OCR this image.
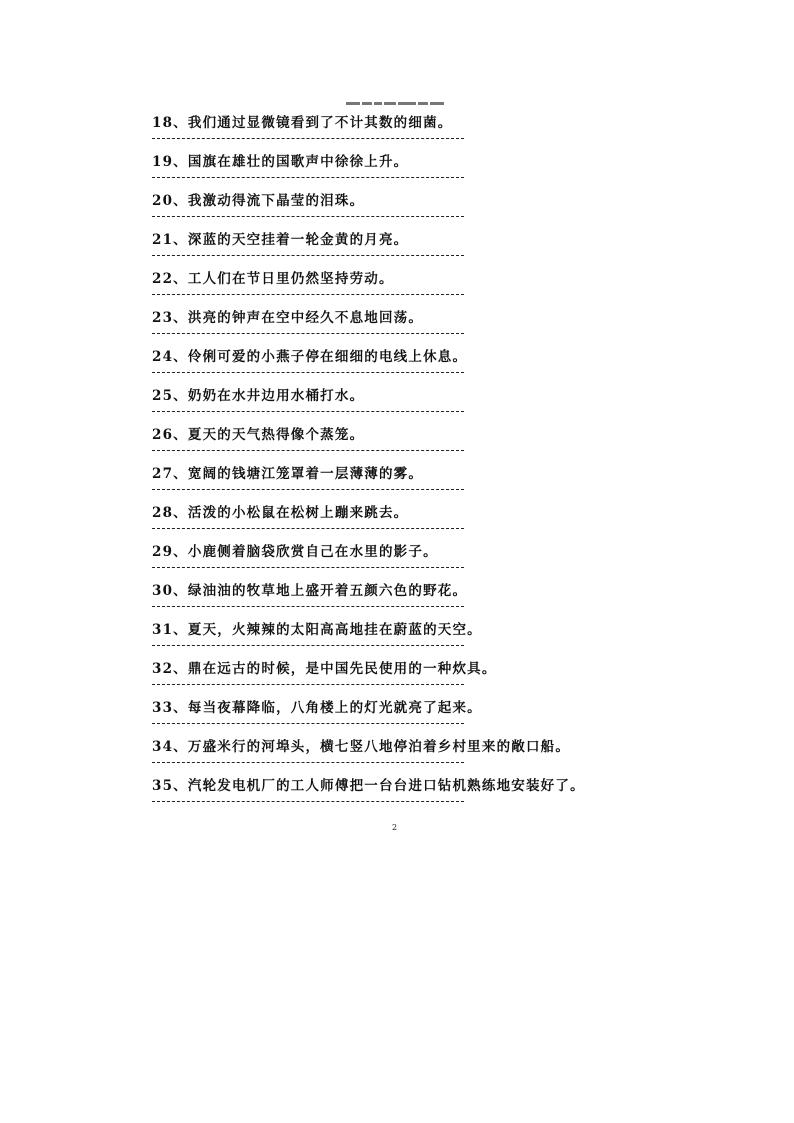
18、我们通过显微镜看到了不计其数的细菌。
19、国旗在雄壮的国歌声中徐徐上升。
20、我激动得流下晶莹的泪珠。
21、深蓝的天空挂着一轮金黄的月亮。
22、工人们在节日里仍然坚持劳动。
23、洪亮的钟声在空中经久不息地回荡。
24、伶俐可爱的小燕子停在细细的电线上休息。
25、奶奶在水井边用水桶打水。
26、夏天的天气热得像个蒸笼。
27、宽阔的钱塘江笼罩着一层薄薄的雾。
28、活泼的小松鼠在松树上蹦来跳去。
29、小鹿侧着脑袋欣赏自己在水里的影子。
30、绿油油的牧草地上盛开着五颜六色的野花。
31、夏天，火辣辣的太阳高高地挂在蔚蓝的天空。
32、鼎在远古的时候，是中国先民使用的一种炊具。
33、每当夜幕降临，八角楼上的灯光就亮了起来。
34、万盛米行的河埠头，横七竖八地停泊着乡村里来的敞口船。
35、汽轮发电机厂的工人师傅把一台台进口钻机熟练地安装好了。
2
